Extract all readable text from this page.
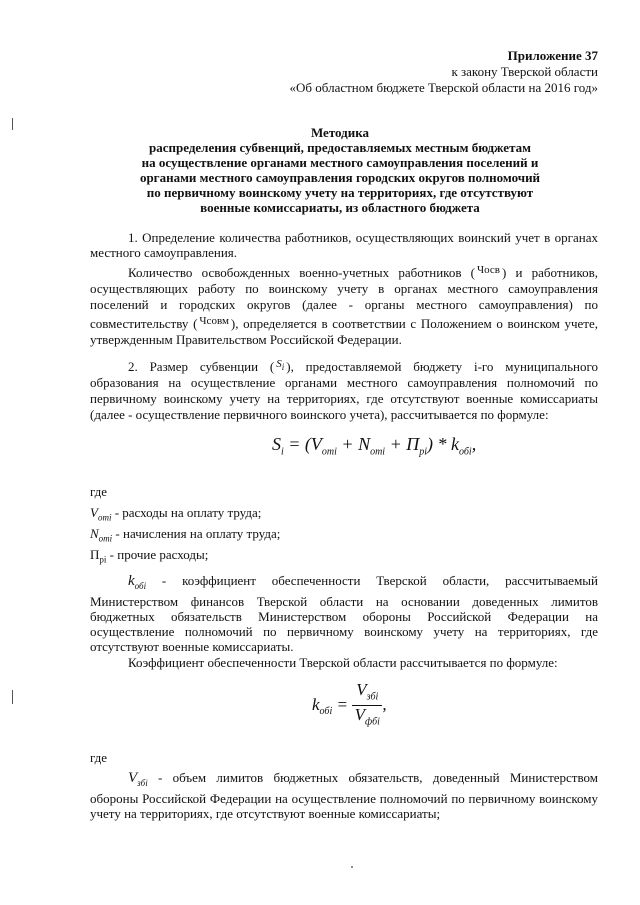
Приложение 37
к закону Тверской области
«Об областном бюджете Тверской области на 2016 год»
Методика
распределения субвенций, предоставляемых местным бюджетам
на осуществление органами местного самоуправления поселений и
органами местного самоуправления городских округов полномочий
по первичному воинскому учету на территориях, где отсутствуют
военные комиссариаты, из областного бюджета
1. Определение количества работников, осуществляющих воинский учет в органах местного самоуправления.
Количество освобожденных военно-учетных работников ( $^{Чосв}$ ) и работников, осуществляющих работу по воинскому учету в органах местного самоуправления поселений и городских округов (далее - органы местного самоуправления) по совместительству ( $^{Чсовм}$ ), определяется в соответствии с Положением о воинском учете, утвержденным Правительством Российской Федерации.
2. Размер субвенции ( $^{S_i}$ ), предоставляемой бюджету i-го муниципального образования на осуществление органами местного самоуправления полномочий по первичному воинскому учету на территориях, где отсутствуют военные комиссариаты (далее - осуществление первичного воинского учета), рассчитывается по формуле:
$S_i = (V_{omi} + N_{omi} + П_{pi}) * k_{обi}$,
где
$V_{отi}$ - расходы на оплату труда;
$N_{отi}$ - начисления на оплату труда;
$П_{pi}$ - прочие расходы;
$k_{обi}$ - коэффициент обеспеченности Тверской области, рассчитываемый Министерством финансов Тверской области на основании доведенных лимитов бюджетных обязательств Министерством обороны Российской Федерации на осуществление полномочий по первичному воинскому учету на территориях, где отсутствуют военные комиссариаты.
Коэффициент обеспеченности Тверской области рассчитывается по формуле:
$k_{обi} = \frac{V_{збi}}{V_{фбi}}$ ,
где
$V_{збi}$ - объем лимитов бюджетных обязательств, доведенный Министерством обороны Российской Федерации на осуществление полномочий по первичному воинскому учету на территориях, где отсутствуют военные комиссариаты;
